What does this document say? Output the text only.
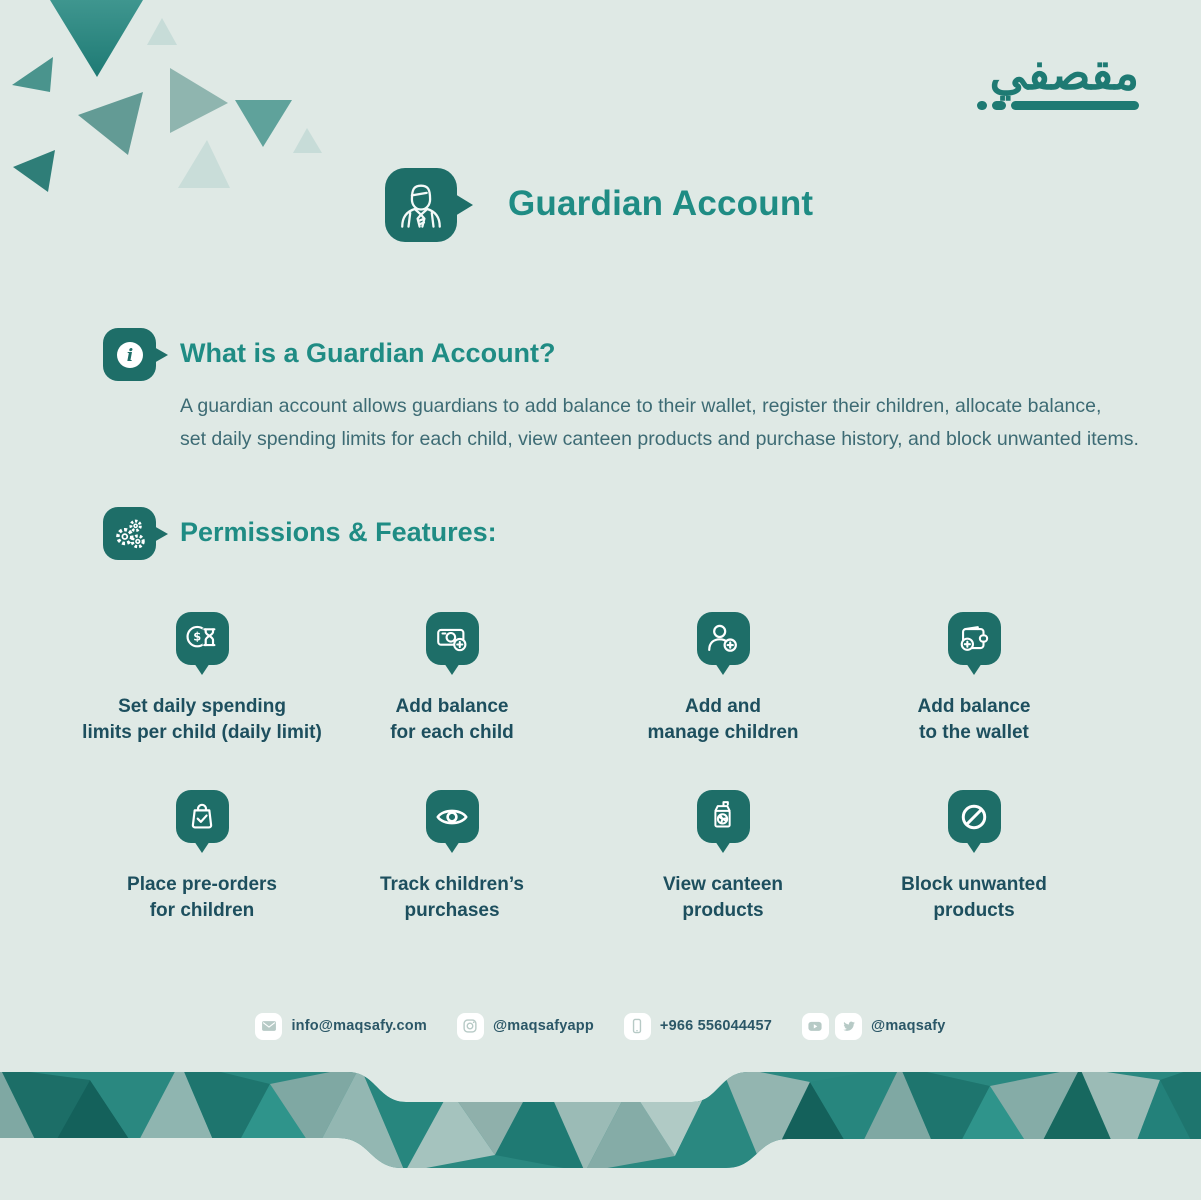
مقصفي
Guardian Account
i What is a Guardian Account?
A guardian account allows guardians to add balance to their wallet, register their children, allocate balance,
set daily spending limits for each child, view canteen products and purchase history, and block unwanted items.
Permissions & Features:
$
Set daily spending
limits per child (daily limit)
Add balance
for each child
Add and
manage children
Add balance
to the wallet
Place pre-orders
for children
Track children’s
purchases
View canteen
products
Block unwanted
products
info@maqsafy.com	@maqsafyapp	+966 556044457	@maqsafy
